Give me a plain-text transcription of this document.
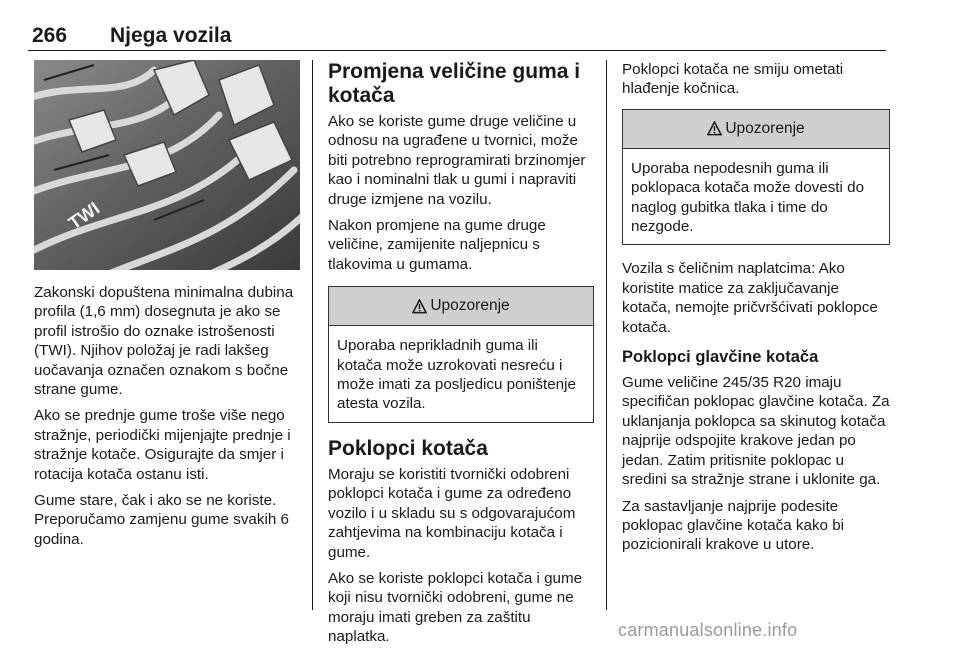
266 Njega vozila
TWI

Zakonski dopuštena minimalna dubina profila (1,6 mm) dosegnuta je ako se profil istrošio do oznake istrošenosti (TWI). Njihov položaj je radi lakšeg uočavanja označen oznakom s bočne strane gume.

Ako se prednje gume troše više nego stražnje, periodički mijenjajte prednje i stražnje kotače. Osigurajte da smjer i rotacija kotača ostanu isti.

Gume stare, čak i ako se ne koriste. Preporučamo zamjenu gume svakih 6 godina.

Promjena veličine guma i kotača

Ako se koriste gume druge veličine u odnosu na ugrađene u tvornici, može biti potrebno reprogramirati brzinomjer kao i nominalni tlak u gumi i napraviti druge izmjene na vozilu.

Nakon promjene na gume druge veličine, zamijenite naljepnicu s tlakovima u gumama.

Upozorenje

Uporaba neprikladnih guma ili kotača može uzrokovati nesreću i može imati za posljedicu poništenje atesta vozila.

Poklopci kotača

Moraju se koristiti tvornički odobreni poklopci kotača i gume za određeno vozilo i u skladu su s odgovarajućom zahtjevima na kombinaciju kotača i gume.

Ako se koriste poklopci kotača i gume koji nisu tvornički odobreni, gume ne moraju imati greben za zaštitu naplatka.

Poklopci kotača ne smiju ometati hlađenje kočnica.

Upozorenje

Uporaba nepodesnih guma ili poklopaca kotača može dovesti do naglog gubitka tlaka i time do nezgode.

Vozila s čeličnim naplatcima: Ako koristite matice za zaključavanje kotača, nemojte pričvršćivati poklopce kotača.

Poklopci glavčine kotača

Gume veličine 245/35 R20 imaju specifičan poklopac glavčine kotača. Za uklanjanja poklopca sa skinutog kotača najprije odspojite krakove jedan po jedan. Zatim pritisnite poklopac u sredini sa stražnje strane i uklonite ga.

Za sastavljanje najprije podesite poklopac glavčine kotača kako bi pozicionirali krakove u utore.

carmanualsonline.info
